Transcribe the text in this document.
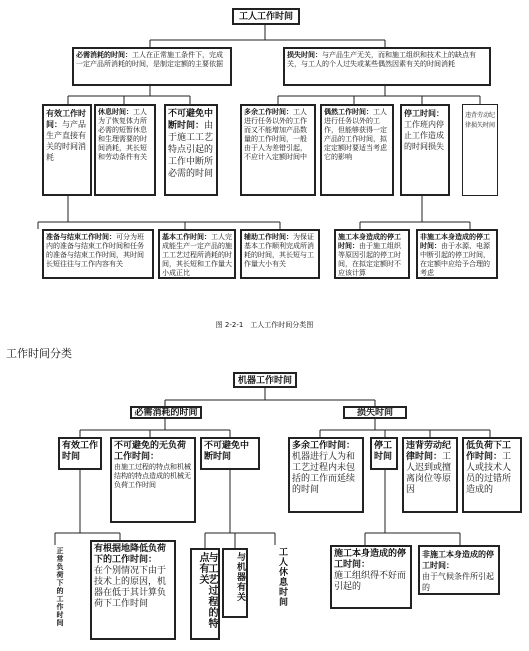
工人工作时间
必需消耗的时间：工人在正常施工条件下，完成一定产品所消耗的时间，是制定定额的主要依据
损失时间：与产品生产无关，而和施工组织和技术上的缺点有关，与工人的个人过失或某些偶然因素有关的时间消耗
有效工作时间：与产品生产直接有关的时间消耗
休息时间：工人为了恢复体力所必需的短暂休息和生理需要的时间消耗，其长短和劳动条件有关
不可避免中断时间：由于施工工艺特点引起的工作中断所必需的时间
多余工作时间：工人进行任务以外的工作而又不能增加产品数量的工作时间，一般由于人为差错引起，不应计入定额时间中
偶然工作时间：工人进行任务以外的工作，但能够获得一定产品的工作时间，拟定定额时要适当考虑它的影响
停工时间：工作班内停止工作造成的时间损失
违背劳动纪律损失时间
准备与结束工作时间：可分为班内的准备与结束工作时间和任务的准备与结束工作时间，其时间长短往往与工作内容有关
基本工作时间：工人完成能生产一定产品的施工工艺过程所消耗的时间，其长短和工作量大小成正比
辅助工作时间：为保证基本工作顺利完成所消耗的时间，其长短与工作量大小有关
施工本身造成的停工时间：由于施工组织等原因引起的停工时间，在拟定定额时不应该计算
非施工本身造成的停工时间：由于水源、电源中断引起的停工时间，在定额中应给予合理的考虑
图 2-2-1　工人工作时间分类图
工作时间分类
机器工作时间
必需消耗的时间	损失时间
有效工作时间
不可避免的无负荷工作时间：
由施工过程的特点和机械结构的特点造成的机械无负荷工作时间
不可避免中断时间
多余工作时间：机器进行人为和工艺过程内未包括的工作而延续的时间
停工时间
违背劳动纪律时间：工人迟到或擅离岗位等原因
低负荷下工作时间：工人或技术人员的过错所造成的
正常负荷下的工作时间	有根据地降低负荷下的工作时间：
在个别情况下由于技术上的原因，机器在低于其计算负荷下工作时间	与工艺过程的特点有关	与机器有关	工人休息时间	施工本身造成的停工时间：
施工组织得不好而引起的
非施工本身造成的停工时间：
由于气候条件所引起的
